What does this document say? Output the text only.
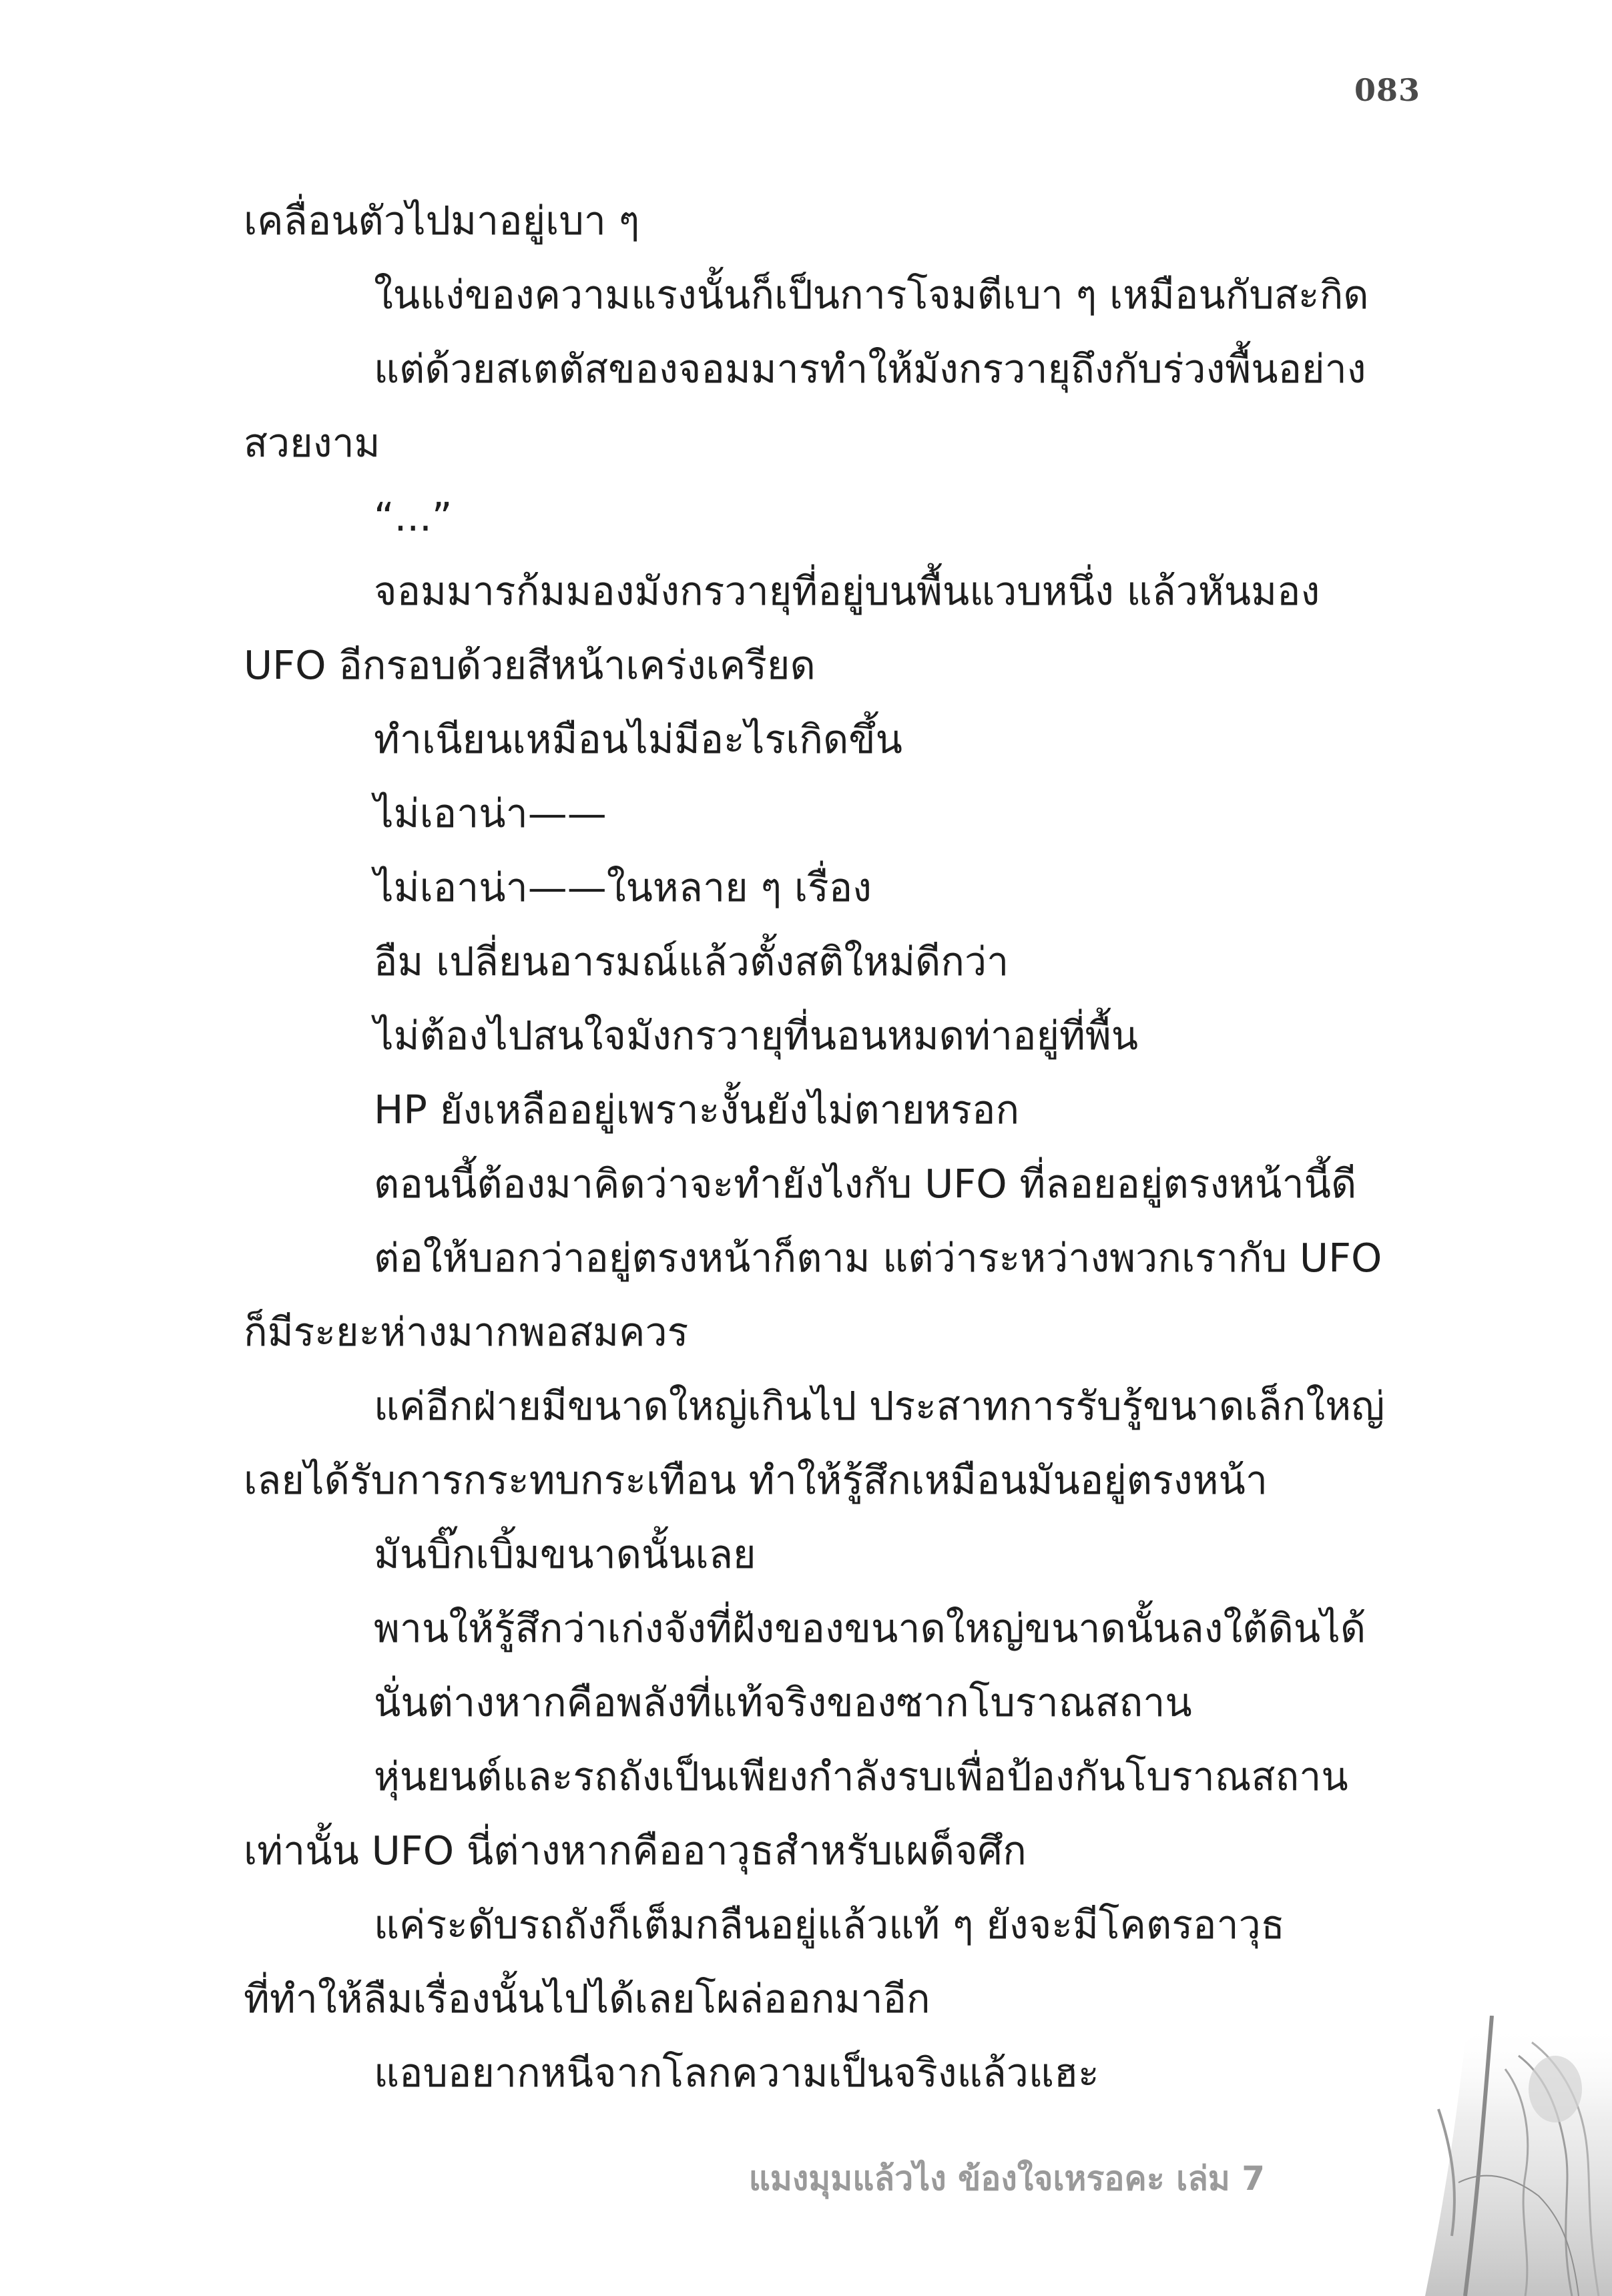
083
เคลื่อนตัวไปมาอยู่เบา ๆ
ในแง่ของความแรงนั้นก็เป็นการโจมตีเบา ๆ เหมือนกับสะกิด
แต่ด้วยสเตตัสของจอมมารทำให้มังกรวายุถึงกับร่วงพื้นอย่าง
สวยงาม
“...”
จอมมารก้มมองมังกรวายุที่อยู่บนพื้นแวบหนึ่ง แล้วหันมอง
UFO อีกรอบด้วยสีหน้าเคร่งเครียด
ทำเนียนเหมือนไม่มีอะไรเกิดขึ้น
ไม่เอาน่า——
ไม่เอาน่า——ในหลาย ๆ เรื่อง
อืม เปลี่ยนอารมณ์แล้วตั้งสติใหม่ดีกว่า
ไม่ต้องไปสนใจมังกรวายุที่นอนหมดท่าอยู่ที่พื้น
HP ยังเหลืออยู่เพราะงั้นยังไม่ตายหรอก
ตอนนี้ต้องมาคิดว่าจะทำยังไงกับ UFO ที่ลอยอยู่ตรงหน้านี้ดี
ต่อให้บอกว่าอยู่ตรงหน้าก็ตาม แต่ว่าระหว่างพวกเรากับ UFO
ก็มีระยะห่างมากพอสมควร
แค่อีกฝ่ายมีขนาดใหญ่เกินไป ประสาทการรับรู้ขนาดเล็กใหญ่
เลยได้รับการกระทบกระเทือน ทำให้รู้สึกเหมือนมันอยู่ตรงหน้า
มันบิ๊กเบิ้มขนาดนั้นเลย
พานให้รู้สึกว่าเก่งจังที่ฝังของขนาดใหญ่ขนาดนั้นลงใต้ดินได้
นั่นต่างหากคือพลังที่แท้จริงของซากโบราณสถาน
หุ่นยนต์และรถถังเป็นเพียงกำลังรบเพื่อป้องกันโบราณสถาน
เท่านั้น UFO นี่ต่างหากคืออาวุธสำหรับเผด็จศึก
แค่ระดับรถถังก็เต็มกลืนอยู่แล้วแท้ ๆ ยังจะมีโคตรอาวุธ
ที่ทำให้ลืมเรื่องนั้นไปได้เลยโผล่ออกมาอีก
แอบอยากหนีจากโลกความเป็นจริงแล้วแฮะ
แมงมุมแล้วไง ข้องใจเหรอคะ เล่ม 7
